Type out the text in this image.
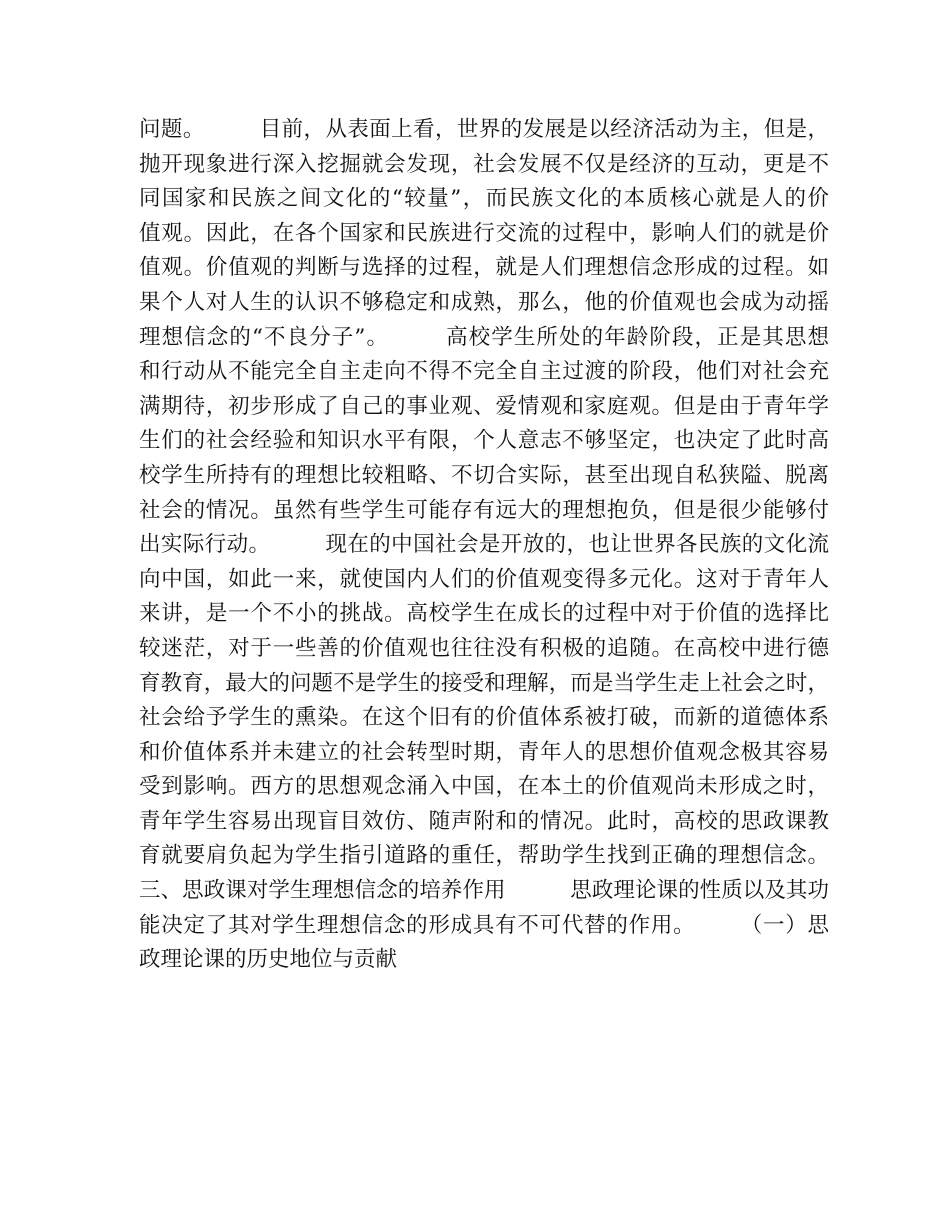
问题。　　　目前，从表面上看，世界的发展是以经济活动为主，但是，
抛开现象进行深入挖掘就会发现，社会发展不仅是经济的互动，更是不
同国家和民族之间文化的“较量”，而民族文化的本质核心就是人的价
值观。因此，在各个国家和民族进行交流的过程中，影响人们的就是价
值观。价值观的判断与选择的过程，就是人们理想信念形成的过程。如
果个人对人生的认识不够稳定和成熟，那么，他的价值观也会成为动摇
理想信念的“不良分子”。　　　高校学生所处的年龄阶段，正是其思想
和行动从不能完全自主走向不得不完全自主过渡的阶段，他们对社会充
满期待，初步形成了自己的事业观、爱情观和家庭观。但是由于青年学
生们的社会经验和知识水平有限，个人意志不够坚定，也决定了此时高
校学生所持有的理想比较粗略、不切合实际，甚至出现自私狭隘、脱离
社会的情况。虽然有些学生可能存有远大的理想抱负，但是很少能够付
出实际行动。　　　现在的中国社会是开放的，也让世界各民族的文化流
向中国，如此一来，就使国内人们的价值观变得多元化。这对于青年人
来讲，是一个不小的挑战。高校学生在成长的过程中对于价值的选择比
较迷茫，对于一些善的价值观也往往没有积极的追随。在高校中进行德
育教育，最大的问题不是学生的接受和理解，而是当学生走上社会之时，
社会给予学生的熏染。在这个旧有的价值体系被打破，而新的道德体系
和价值体系并未建立的社会转型时期，青年人的思想价值观念极其容易
受到影响。西方的思想观念涌入中国，在本土的价值观尚未形成之时，
青年学生容易出现盲目效仿、随声附和的情况。此时，高校的思政课教
育就要肩负起为学生指引道路的重任，帮助学生找到正确的理想信念。
三、思政课对学生理想信念的培养作用　　　思政理论课的性质以及其功
能决定了其对学生理想信念的形成具有不可代替的作用。　　　（一）思
政理论课的历史地位与贡献
